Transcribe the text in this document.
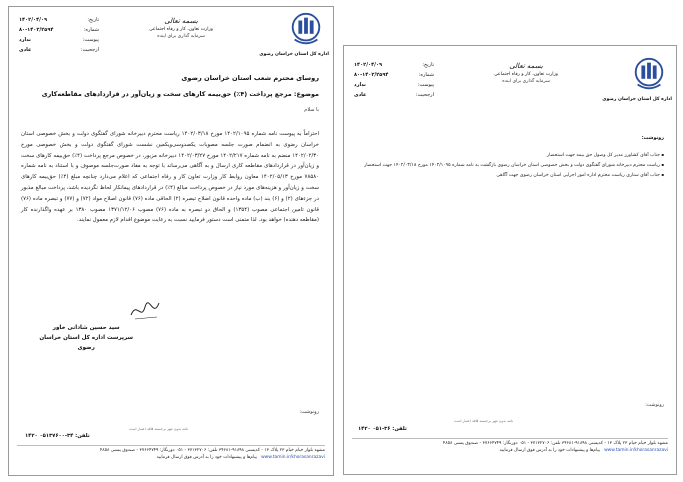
اداره کل استان خراسان رضوی
بسمه تعالی
وزارت تعاون، کار و رفاه اجتماعی
سرمایه گذاری برای اینده
تاریخ:
۱۴۰۲/۰۴/۰۹
شماره:
۸۰-۱۴۰۲/۲۵۹۴
پیوست:
ندارد
ارجحیت:
عادی
روسای محترم شعب استان خراسان رضوی
موضوع: مرجع پرداخت (۴٪) حق‌بیمه کارهای سخت و زیان‌آور در قراردادهای مقاطعه‌کاری
با سلام
احتراماً به پیوست نامه شماره ۱۴۰۲/۱۰۹۵ مورخ ۱۴۰۲/۰۳/۱۸ ریاست محترم دبیرخانه شورای گفتگوی دولت و بخش خصوصی استان خراسان رضوی به انضمام صورت جلسه مصوبات یکصدوسی‌ویکمین نشست شورای گفتگوی دولت و بخش خصوصی مورخ ۱۴۰۲/۰۲/۳۰ منضم به نامه شماره ۱۴۰۲/۲۱۷ مورخ ۱۴۰۲/۰۳/۲۷ دبیرخانه مزبور، در خصوص مرجع پرداخت (۴٪) حق‌بیمه کارهای سخت و زیان‌آور در قراردادهای مقاطعه کاری ارسال و به آگاهی می‌رساند با توجه به مفاد صورت‌جلسه موصوف و با استناد به نامه شماره ۷۸۵۸۰ مورخ ۱۴۰۲/۰۵/۱۳ معاون روابط کار وزارت تعاون کار و رفاه اجتماعی که اعلام می‌دارد چنانچه مبلغ (۴٪) حق‌بیمه کارهای سخت و زیان‌آور و هزینه‌های مورد نیاز در خصوص پرداخت مبالغ (۴٪) در قراردادهای پیمانکار لحاظ نگردیده باشد، پرداخت مبالغ مذبور در جزءهای (۲) و (۶) بند (ب) ماده واحده قانون اصلاح تبصره (۲) الحاقی ماده (۷۶) قانون اصلاح مواد (۷۲) و (۷۷) و تبصره ماده (۷۶) قانون تامین اجتماعی مصوب (۱۳۵۴) و الحاق دو تبصره به ماده (۷۶) مصوب ۱۳۷۱/۱۲/۰۶ مصوب ۱۳۸۰ بر عهده واگذارنده کار (مقاطعه دهنده) خواهد بود. لذا متمنی است دستور فرمایید نسبت به رعایت موضوع اقدام لازم معمول نمایند.
سید حسین شادانی خاور
سرپرست اداره کل استان خراسان
رضوی
رونوشت:
نامه بدون مهر برجسته فاقد اعتبار است
تلفن: ۳۴-۰۵۱۳۷۶۰۰ ۱۴۲۰
مشهد بلوار خیام خیام ۲۳ پلاک ۱۳ - کدپستی ۹۱۸۹۸-۳۴۶۸۱ تلفن: ۳۷۱۳۲۷۰۶ - ۰۵۱ دورنگار: ۳۷۶۶۴۷۴۹ - صندوق پستی ۴۸۵۸
www.tamin.ir/khorasanrazavi   پیام‌ها و پیشنهادات خود را به آدرس فوق ارسال فرمایید
اداره کل استان خراسان رضوی
بسمه تعالی
وزارت تعاون، کار و رفاه اجتماعی
سرمایه گذاری برای اینده
تاریخ:
۱۴۰۲/۰۴/۰۹
شماره:
۸۰-۱۴۰۲/۲۵۹۴
پیوست:
ندارد
ارجحیت:
عادی
رونوشت:
▪ جناب آقای کشاورز مدیر کل وصول حق بیمه جهت استحضار
▪ ریاست محترم دبیرخانه شورای گفتگوی دولت و بخش خصوصی استان خراسان رضوی بازگشت به نامه شماره ۱۴۰۲/۱۰۹۵ مورخ ۱۴۰۲/۰۳/۱۸ جهت استحضار
▪ جناب آقای ستاری ریاست محترم اداره امور اجرایی استان خراسان رضوی جهت آگاهی
رونوشت:
نامه بدون مهر برجسته فاقد اعتبار است
تلفن: ۳۶-۰۵۱ ۱۴۲۰
مشهد بلوار خیام خیام ۲۳ پلاک ۱۳ - کدپستی ۹۱۸۹۸-۳۴۶۸۱ تلفن: ۳۷۱۳۲۷۰۶ - ۰۵۱ دورنگار: ۳۷۶۶۴۷۴۹ - صندوق پستی ۴۸۵۸
www.tamin.ir/khorasanrazavi   پیام‌ها و پیشنهادات خود را به آدرس فوق ارسال فرمایید
